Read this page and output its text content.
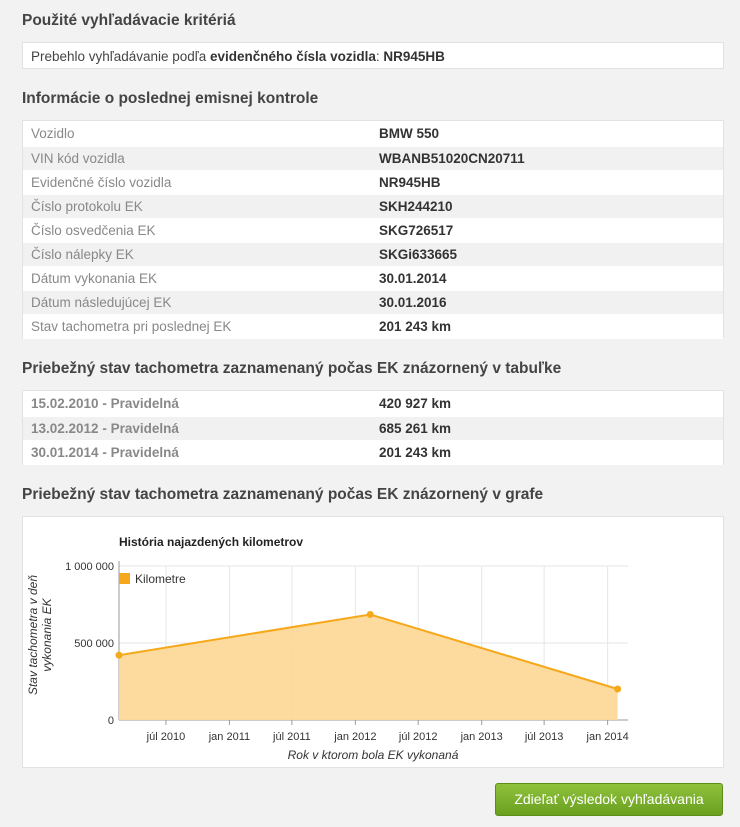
Použité vyhľadávacie kritériá
Prebehlo vyhľadávanie podľa evidenčného čísla vozidla: NR945HB
Informácie o poslednej emisnej kontrole
Vozidlo	BMW 550
VIN kód vozidla	WBANB51020CN20711
Evidenčné číslo vozidla	NR945HB
Číslo protokolu EK	SKH244210
Číslo osvedčenia EK	SKG726517
Číslo nálepky EK	SKGi633665
Dátum vykonania EK	30.01.2014
Dátum následujúcej EK	30.01.2016
Stav tachometra pri poslednej EK	201 243 km
Priebežný stav tachometra zaznamenaný počas EK znázornený v tabuľke
15.02.2010 - Pravidelná	420 927 km
13.02.2012 - Pravidelná	685 261 km
30.01.2014 - Pravidelná	201 243 km
Priebežný stav tachometra zaznamenaný počas EK znázornený v grafe
0
500 000
1 000 000
júl 2010 jan 2011 júl 2011 jan 2012 júl 2012 jan 2013 júl 2013 jan 2014
História najazdených kilometrov
Kilometre
Rok v ktorom bola EK vykonaná
Stav tachometra v deň vykonania EK
Zdieľať výsledok vyhľadávania
